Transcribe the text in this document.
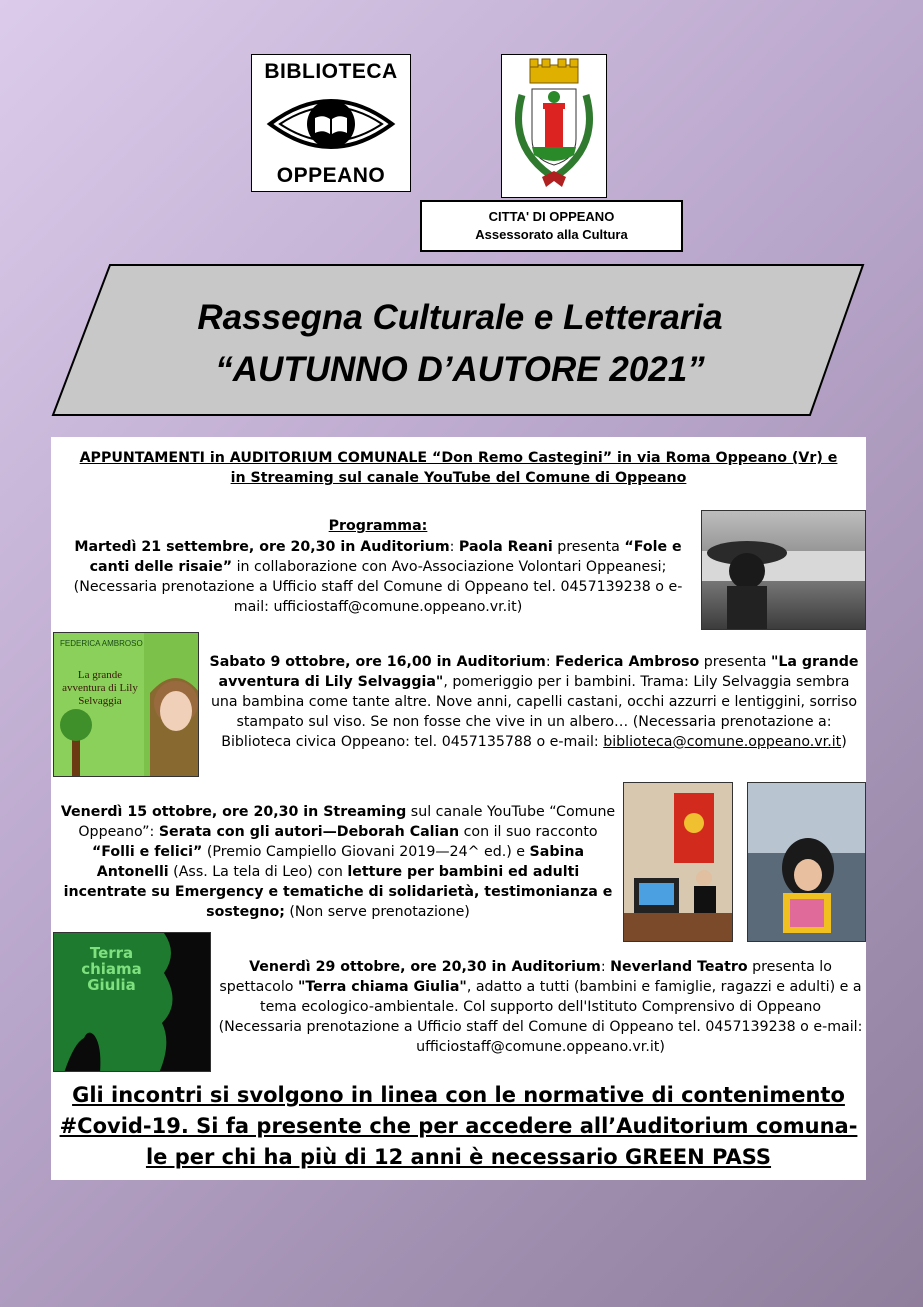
BIBLIOTECA
OPPEANO
CITTA' DI OPPEANO
Assessorato alla Cultura
Rassegna Culturale e Letteraria
“AUTUNNO D’AUTORE 2021”
APPUNTAMENTI in AUDITORIUM COMUNALE “Don Remo Castegini” in via Roma Oppeano (Vr) e
in Streaming sul canale YouTube del Comune di Oppeano
Programma:
Martedì 21 settembre, ore 20,30 in Auditorium: Paola Reani presenta “Fole e canti delle risaie” in collaborazione con Avo-Associazione Volontari Oppeanesi; (Necessaria prenotazione a Ufficio staff del Comune di Oppeano tel. 0457139238 o e-mail: ufficiostaff@comune.oppeano.vr.it)
FEDERICA AMBROSO
La grande avventura di Lily Selvaggia
Sabato 9 ottobre, ore 16,00 in Auditorium: Federica Ambroso presenta "La grande avventura di Lily Selvaggia", pomeriggio per i bambini. Trama: Lily Selvaggia sembra una bambina come tante altre. Nove anni, capelli castani, occhi azzurri e lentiggini, sorriso stampato sul viso. Se non fosse che vive in un albero… (Necessaria prenotazione a: Biblioteca civica Oppeano: tel. 0457135788 o e-mail: biblioteca@comune.oppeano.vr.it)
Venerdì 15 ottobre, ore 20,30 in Streaming sul canale YouTube “Comune Oppeano”: Serata con gli autori—Deborah Calian con il suo racconto “Folli e felici” (Premio Campiello Giovani 2019—24^ ed.) e Sabina Antonelli (Ass. La tela di Leo) con letture per bambini ed adulti incentrate su Emergency e tematiche di solidarietà, testimonianza e sostegno; (Non serve prenotazione)
Terra chiama Giulia
Venerdì 29 ottobre, ore 20,30 in Auditorium: Neverland Teatro presenta lo spettacolo "Terra chiama Giulia", adatto a tutti (bambini e famiglie, ragazzi e adulti) e a tema ecologico-ambientale. Col supporto dell'Istituto Comprensivo di Oppeano (Necessaria prenotazione a Ufficio staff del Comune di Oppeano tel. 0457139238 o e-mail: ufficiostaff@comune.oppeano.vr.it)
Gli incontri si svolgono in linea con le normative di contenimento
#Covid-19. Si fa presente che per accedere all’Auditorium comuna-
le per chi ha più di 12 anni è necessario GREEN PASS
